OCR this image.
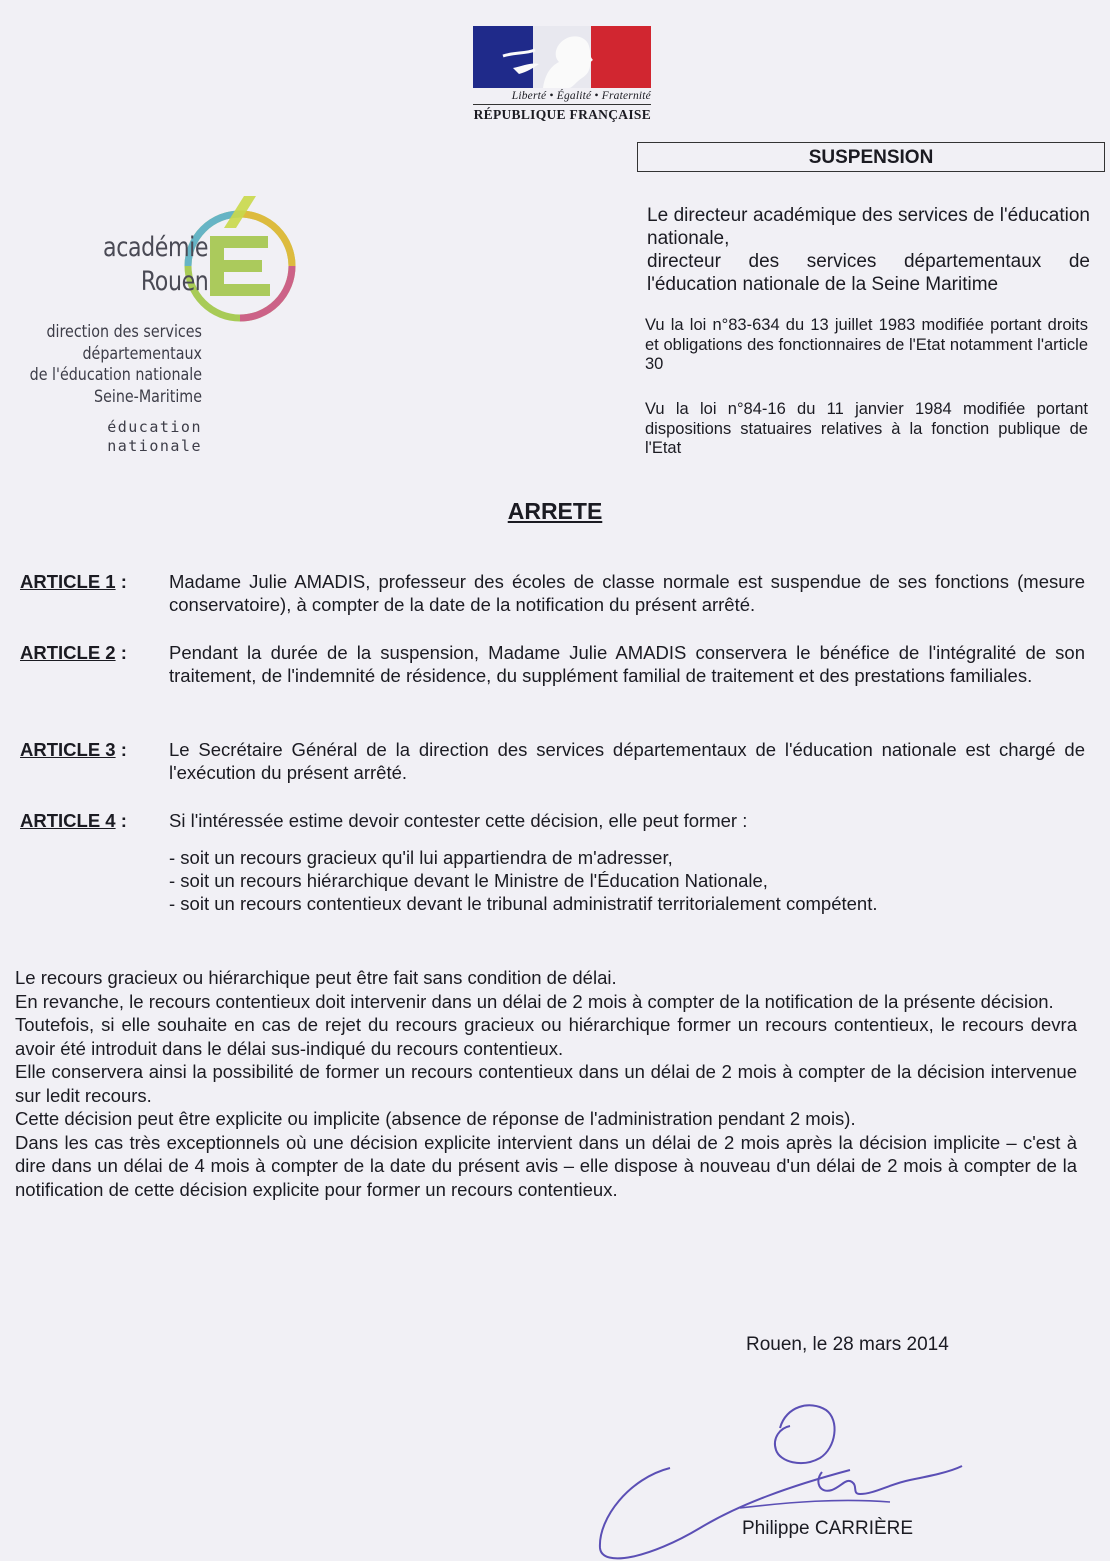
Liberté • Égalité • Fraternité
RÉPUBLIQUE FRANÇAISE
SUSPENSION
académie
Rouen
direction des services
départementaux
de l'éducation nationale
Seine-Maritime
éducation
nationale

Le directeur académique des services de l'éducation nationale,

directeur des services départementaux de l'éducation nationale de la Seine Maritime

Vu la loi n°83-634 du 13 juillet 1983 modifiée portant droits et obligations des fonctionnaires de l'Etat notamment l'article 30
Vu la loi n°84-16 du 11 janvier 1984 modifiée portant dispositions statuaires relatives à la fonction publique de l'Etat
ARRETE
ARTICLE 1 : Madame Julie AMADIS, professeur des écoles de classe normale est suspendue de ses fonctions (mesure conservatoire), à compter de la date de la notification du présent arrêté.

ARTICLE 2 : Pendant la durée de la suspension, Madame Julie AMADIS conservera le bénéfice de l'intégralité de son traitement, de l'indemnité de résidence, du supplément familial de traitement et des prestations familiales.

ARTICLE 3 : Le Secrétaire Général de la direction des services départementaux de l'éducation nationale est chargé de l'exécution du présent arrêté.

ARTICLE 4 : Si l'intéressée estime devoir contester cette décision, elle peut former :

- soit un recours gracieux qu'il lui appartiendra de m'adresser,
- soit un recours hiérarchique devant le Ministre de l'Éducation Nationale,
- soit un recours contentieux devant le tribunal administratif territorialement compétent.

Le recours gracieux ou hiérarchique peut être fait sans condition de délai.

En revanche, le recours contentieux doit intervenir dans un délai de 2 mois à compter de la notification de la présente décision.

Toutefois, si elle souhaite en cas de rejet du recours gracieux ou hiérarchique former un recours contentieux, le recours devra avoir été introduit dans le délai sus-indiqué du recours contentieux.

Elle conservera ainsi la possibilité de former un recours contentieux dans un délai de 2 mois à compter de la décision intervenue sur ledit recours.

Cette décision peut être explicite ou implicite (absence de réponse de l'administration pendant 2 mois).

Dans les cas très exceptionnels où une décision explicite intervient dans un délai de 2 mois après la décision implicite – c'est à dire dans un délai de 4 mois à compter de la date du présent avis – elle dispose à nouveau d'un délai de 2 mois à compter de la notification de cette décision explicite pour former un recours contentieux.

Rouen, le 28 mars 2014
Philippe CARRIÈRE
